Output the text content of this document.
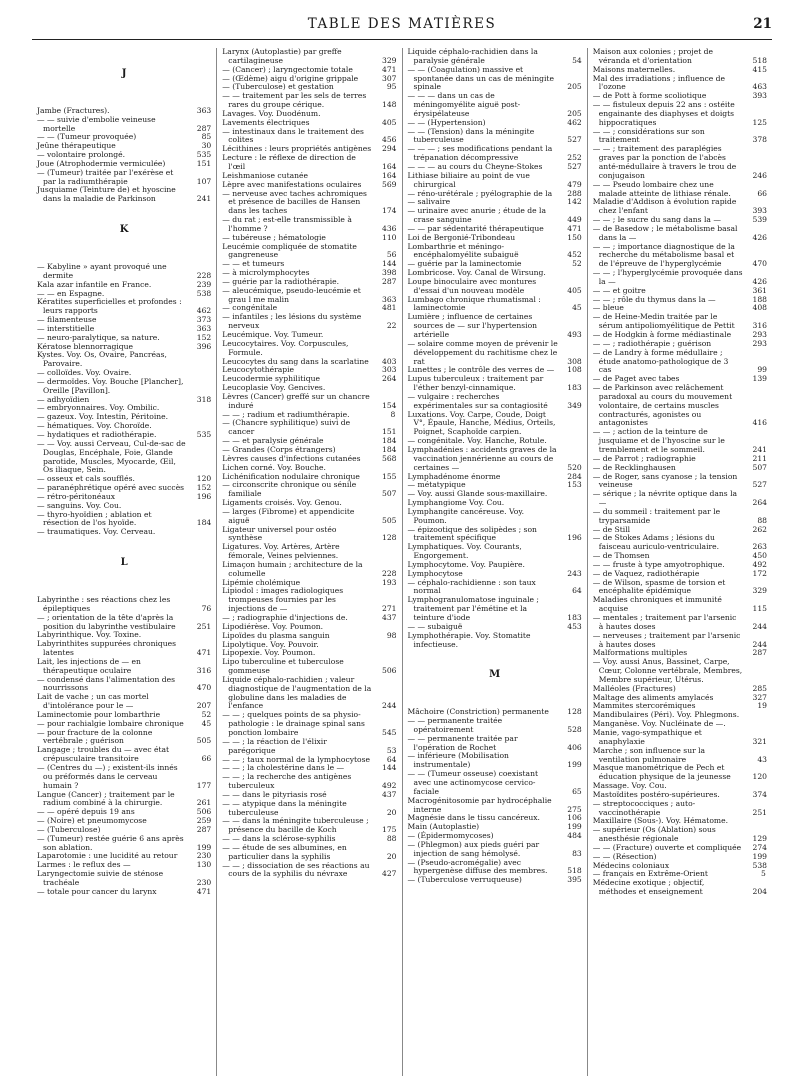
TABLE DES MATIÈRES	21
J
Jambe (Fractures).	363
— — suivie d'embolie veineuse mortelle	287
— — (Tumeur provoquée)	85
Jeûne thérapeutique	30
— volontaire prolongé.	535
Joue (Atrophodermie vermiculée)	151
— (Tumeur) traitée par l'exérèse et par la radiumthérapie	107
Jusquiame (Teinture de) et hyoscine dans la maladie de Parkinson	241
K
— Kabyline » ayant provoqué une dermite	228
Kala azar infantile en France.	239
— — en Espagne.	538
Kératites superficielles et profondes : leurs rapports	462
— filamenteuse	373
— interstitielle	363
— neuro-paralytique, sa nature.	152
Kératose blennorragique	396
Kystes. Voy. Os, Ovaire, Pancréas, Parovaire.
— colloïdes. Voy. Ovaire.
— dermoïdes. Voy. Bouche [Plancher], Oreille [Pavillon].
— adhyoïdien	318
— embryonnaires. Voy. Ombilic.
— gazeux. Voy. Intestin, Péritoine.
— hématiques. Voy. Choroïde.
— hydatiques et radiothérapie.	535
— — Voy. aussi Cerveau, Cul-de-sac de Douglas, Encéphale, Foie, Glande parotide, Muscles, Myocarde, Œil, Os iliaque, Sein.
— osseux et cals soufflés.	120
— paranéphrétique opéré avec succès 152
— rétro-péritonéaux	196
— sanguins. Voy. Cou.
— thyro-hyoïdien ; ablation et résection de l'os hyoïde.	184
— traumatiques. Voy. Cerveau.
L
Labyrinthe : ses réactions chez les épileptiques	76
— ; orientation de la tête d'après la position du labyrinthe vestibulaire	251
Labyrinthique. Voy. Toxine.
Labyrinthites suppurées chroniques latentes	471
Lait, les injections de — en thérapeutique oculaire	316
— condensé dans l'alimentation des nourrissons	470
Lait de vache ; un cas mortel d'intolérance pour le —	207
Laminectomie pour lombarthrie	52
— pour rachialgie lombaire chronique 45
— pour fracture de la colonne vertébrale ; guérison	505
Langage ; troubles du — avec état crépusculaire transitoire	66
— (Centres du —) ; existent-ils innés ou préformés dans le cerveau humain ?	177
Langue (Cancer) ; traitement par le radium combiné à la chirurgie.	261
— — opéré depuis 19 ans	506
— (Noire) et pneumomycose	259
— (Tuberculose)	287
— (Tumeur) restée guérie 6 ans après son ablation.	199
Laparotomie : une lucidité au retour	230
Larmes : le reflux des —	130
Laryngectomie suivie de sténose trachéale	230
— totale pour cancer du larynx	471
Larynx (Autoplastie) par greffe cartilagineuse	329
— (Cancer) ; laryngectomie totale	471
— (Œdème) aigu d'origine grippale	307
— (Tuberculose) et gestation	95
— — traitement par les sels de terres rares du groupe cérique.	148
Lavages. Voy. Duodénum.
Lavements électriques	405
— intestinaux dans le traitement des colites	456
Lécithines : leurs propriétés antigènes 294
Lecture : le réflexe de direction de l'œil	164
Leishmaniose cutanée	164
Lèpre avec manifestations oculaires	569
— nerveuse avec taches achromiques et présence de bacilles de Hansen dans les taches	174
— du rat ; est-elle transmissible à l'homme ?	436
— tubéreuse ; hématologie	110
Leucémie compliquée de stomatite gangreneuse	56
— — et tumeurs	144
— à microlymphocytes	398
— guérie par la radiothérapie.	287
— aleucémique, pseudo-leucémie et grau l me malin	363
— congénitale	481
— infantiles ; les lésions du système nerveux	22
Leucémique. Voy. Tumeur.
Leucocytaires. Voy. Corpuscules, Formule.
Leucocytes du sang dans la scarlatine 403
Leucocytothérapie	303
Leucodermie syphilitique	264
Leucoplasie Voy. Gencives.
Lèvres (Cancer) greffé sur un chancre induré	154
— — ; radium et radiumthérapie.	8
— (Chancre syphilitique) suivi de cancer	151
— — et paralysie générale	184
— Grandes (Corps étrangers)	184
Lèvres causes d'infections cutanées	568
Lichen corné. Voy. Bouche.
Lichénification nodulaire chronique	155
— circonscrite chronique ou sénile familiale	507
Ligaments croisés. Voy. Genou.
— larges (Fibrome) et appendicite aiguë	505
Ligateur universel pour ostéo synthèse	128
Ligatures. Voy. Artères, Artère fémorale, Veines pelviennes.
Limaçon humain ; architecture de la columelle	228
Lipémie cholémique	193
Lipiodol : images radiologiques trompeuses fournies par les injections de —	271
— ; radiographie d'injections de.	437
Lipodiérèse. Voy. Poumon.
Lipoïdes du plasma sanguin	98
Lipolytique. Voy. Pouvoir.
Lipopexie. Voy. Poumon.
Lipo tuberculine et tuberculose gommeuse	506
Liquide céphalo-rachidien ; valeur diagnostique de l'augmentation de la globuline dans les maladies de l'enfance	244
— — ; quelques points de sa physio-pathologie : le drainage spinal sans ponction lombaire	545
— — ; la réaction de l'élixir parégorique	53
— — ; taux normal de la lymphocytose 64
— — ; la cholestérine dans le —	144
— — ; la recherche des antigènes tuberculeux	492
— — dans le pityriasis rosé	437
— — atypique dans la méningite tuberculeuse	20
— — dans la méningite tuberculeuse ; présence du bacille de Koch	175
— — dans la sclérose-syphilis	88
— — étude de ses albumines, en particulier dans la syphilis	20
— — ; dissociation de ses réactions au cours de la syphilis du névraxe	427
Liquide céphalo-rachidien dans la paralysie générale	54
— — (Coagulation) massive et spontanée dans un cas de méningite spinale	205
— — — dans un cas de méningomyélite aiguë post-érysipélateuse	205
— — (Hypertension)	462
— — (Tension) dans la méningite tuberculeuse	527
— — — ; ses modifications pendant la trépanation décompressive	252
— — — au cours du Cheyne-Stokes	527
Lithiase biliaire au point de vue chirurgical	479
— réno-urétérale ; pyélographie de la 288
— salivaire	142
— urinaire avec anurie ; étude de la crase sanguine	449
— — par sédentarité thérapeutique	471
Loi de Bergonié-Tribondeau	150
Lombarthrie et méningo-encéphalomyélite subaiguë	452
— guérie par la laminectomie	52
Lombricose. Voy. Canal de Wirsung.
Loupe binoculaire avec montures d'essai d'un nouveau modèle	405
Lumbago chronique rhumatismal : laminectomie	45
Lumière ; influence de certaines sources de — sur l'hypertension artérielle	493
— solaire comme moyen de prévenir le développement du rachitisme chez le rat	308
Lunettes ; le contrôle des verres de — 108
Lupus tuberculeux : traitement par l'éther benzyl-cinnamique.	183
— vulgaire : recherches expérimentales sur sa contagiosité	349
Luxations. Voy. Carpe, Coude, Doigt V°, Épaule, Hanche, Médius, Orteils, Poignet, Scaphoïde carpien.
— congénitale. Voy. Hanche, Rotule.
Lymphadénies : accidents graves de la vaccination jennérienne au cours de certaines —	520
Lymphadénome énorme	284
— métatypique	153
— Voy. aussi Glande sous-maxillaire.
Lymphangiome Voy. Cou.
Lymphangite cancéreuse. Voy. Poumon.
— épizootique des solipèdes ; son traitement spécifique	196
Lymphatiques. Voy. Courants, Engorgement.
Lymphocytome. Voy. Paupière.
Lymphocytose	243
— céphalo-rachidienne : son taux normal	64
Lymphogranulomatose inguinale ; traitement par l'émétine et la teinture d'iode	183
— — subaiguë	453
Lymphothérapie. Voy. Stomatite infectieuse.
M
Mâchoire (Constriction) permanente 128
— — permanente traitée opératoirement	528
— — permanente traitée par l'opération de Rochet	406
— inférieure (Mobilisation instrumentale)	199
— — (Tumeur osseuse) coexistant avec une actinomycose cervico-faciale	65
Macrogénitosomie par hydrocéphalie interne	275
Magnésie dans le tissu cancéreux.	106
Main (Autoplastie)	199
— (Épidermomycoses)	484
— (Phlegmon) aux pieds guéri par injection de sang hémolysé.	83
— (Pseudo-acromégalie) avec hypergenèse diffuse des membres.	518
— (Tuberculose verruqueuse)	395
Maison aux colonies ; projet de véranda et d'orientation	518
Maisons maternelles.	415
Mal des irradiations ; influence de l'ozone	463
— de Pott à forme scoliotique	393
— — fistuleux depuis 22 ans : ostéite engainante des diaphyses et doigts hippocratiques	125
— — ; considérations sur son traitement	378
— — ; traitement des paraplégies graves par la ponction de l'abcès anté-médullaire à travers le trou de conjugaison	246
— — Pseudo lombaire chez une malade atteinte de lithiase rénale.	66
Maladie d'Addison à évolution rapide chez l'enfant	393
— — ; le sucre du sang dans la —	539
— de Basedow ; le métabolisme basal dans la —	426
— — ; importance diagnostique de la recherche du métabolisme basal et de l'épreuve de l'hyperglycémie	470
— — ; l'hyperglycémie provoquée dans la —	426
— — et goitre	361
— — ; rôle du thymus dans la —	188
— bleue	408
— de Heine-Medin traitée par le sérum antipoliomyélitique de Pettit 316
— de Hodgkin à forme médiastinale	293
— — ; radiothérapie ; guérison	293
— de Landry à forme médullaire ; étude anatomo-pathologique de 3 cas	99
— de Paget avec tabes	139
— de Parkinson avec relâchement paradoxal au cours du mouvement volontaire, de certains muscles contracturés, agonistes ou antagonistes	416
— — ; action de la teinture de jusquiame et de l'hyoscine sur le tremblement et le sommeil.	241
— de Parrot ; radiographie	211
— de Recklinghausen	507
— de Roger, sans cyanose ; la tension veineuse	527
— sérique ; la névrite optique dans la —	264
— du sommeil : traitement par le tryparsamide	88
— de Still	262
— de Stokes Adams ; lésions du faisceau auriculo-ventriculaire.	263
— de Thomsen	450
— — fruste à type amyotrophique.	492
— de Vaquez, radiothérapie	172
— de Wilson, spasme de torsion et encéphalite épidémique	329
Maladies chroniques et immunité acquise	115
— mentales ; traitement par l'arsenic à hautes doses	244
— nerveuses ; traitement par l'arsenic à hautes doses	244
Malformations multiples	287
— Voy. aussi Anus, Bassinet, Carpe, Cœur, Colonne vertébrale, Membres, Membre supérieur, Utérus.
Malléoles (Fractures)	285
Maltage des aliments amylacés	327
Mammites stercorémiques	19
Mandibulaires (Péri). Voy. Phlegmons.
Manganèse. Voy. Nucléinate de —.
Manie, vago-sympathique et anaphylaxie	321
Marche ; son influence sur la ventilation pulmonaire	43
Masque manométrique de Pech et éducation physique de la jeunesse	120
Massage. Voy. Cou.
Mastoïdites postéro-supérieures.	374
— streptococciques ; auto-vaccinothérapie	251
Maxillaire (Sous-). Voy. Hématome.
— supérieur (Os (Ablation) sous anesthésie régionale	129
— — (Fracture) ouverte et compliquée 274
— — (Résection)	199
Médecins coloniaux	538
— français en Extrême-Orient	5
Médecine exotique ; objectif, méthodes et enseignement	204
